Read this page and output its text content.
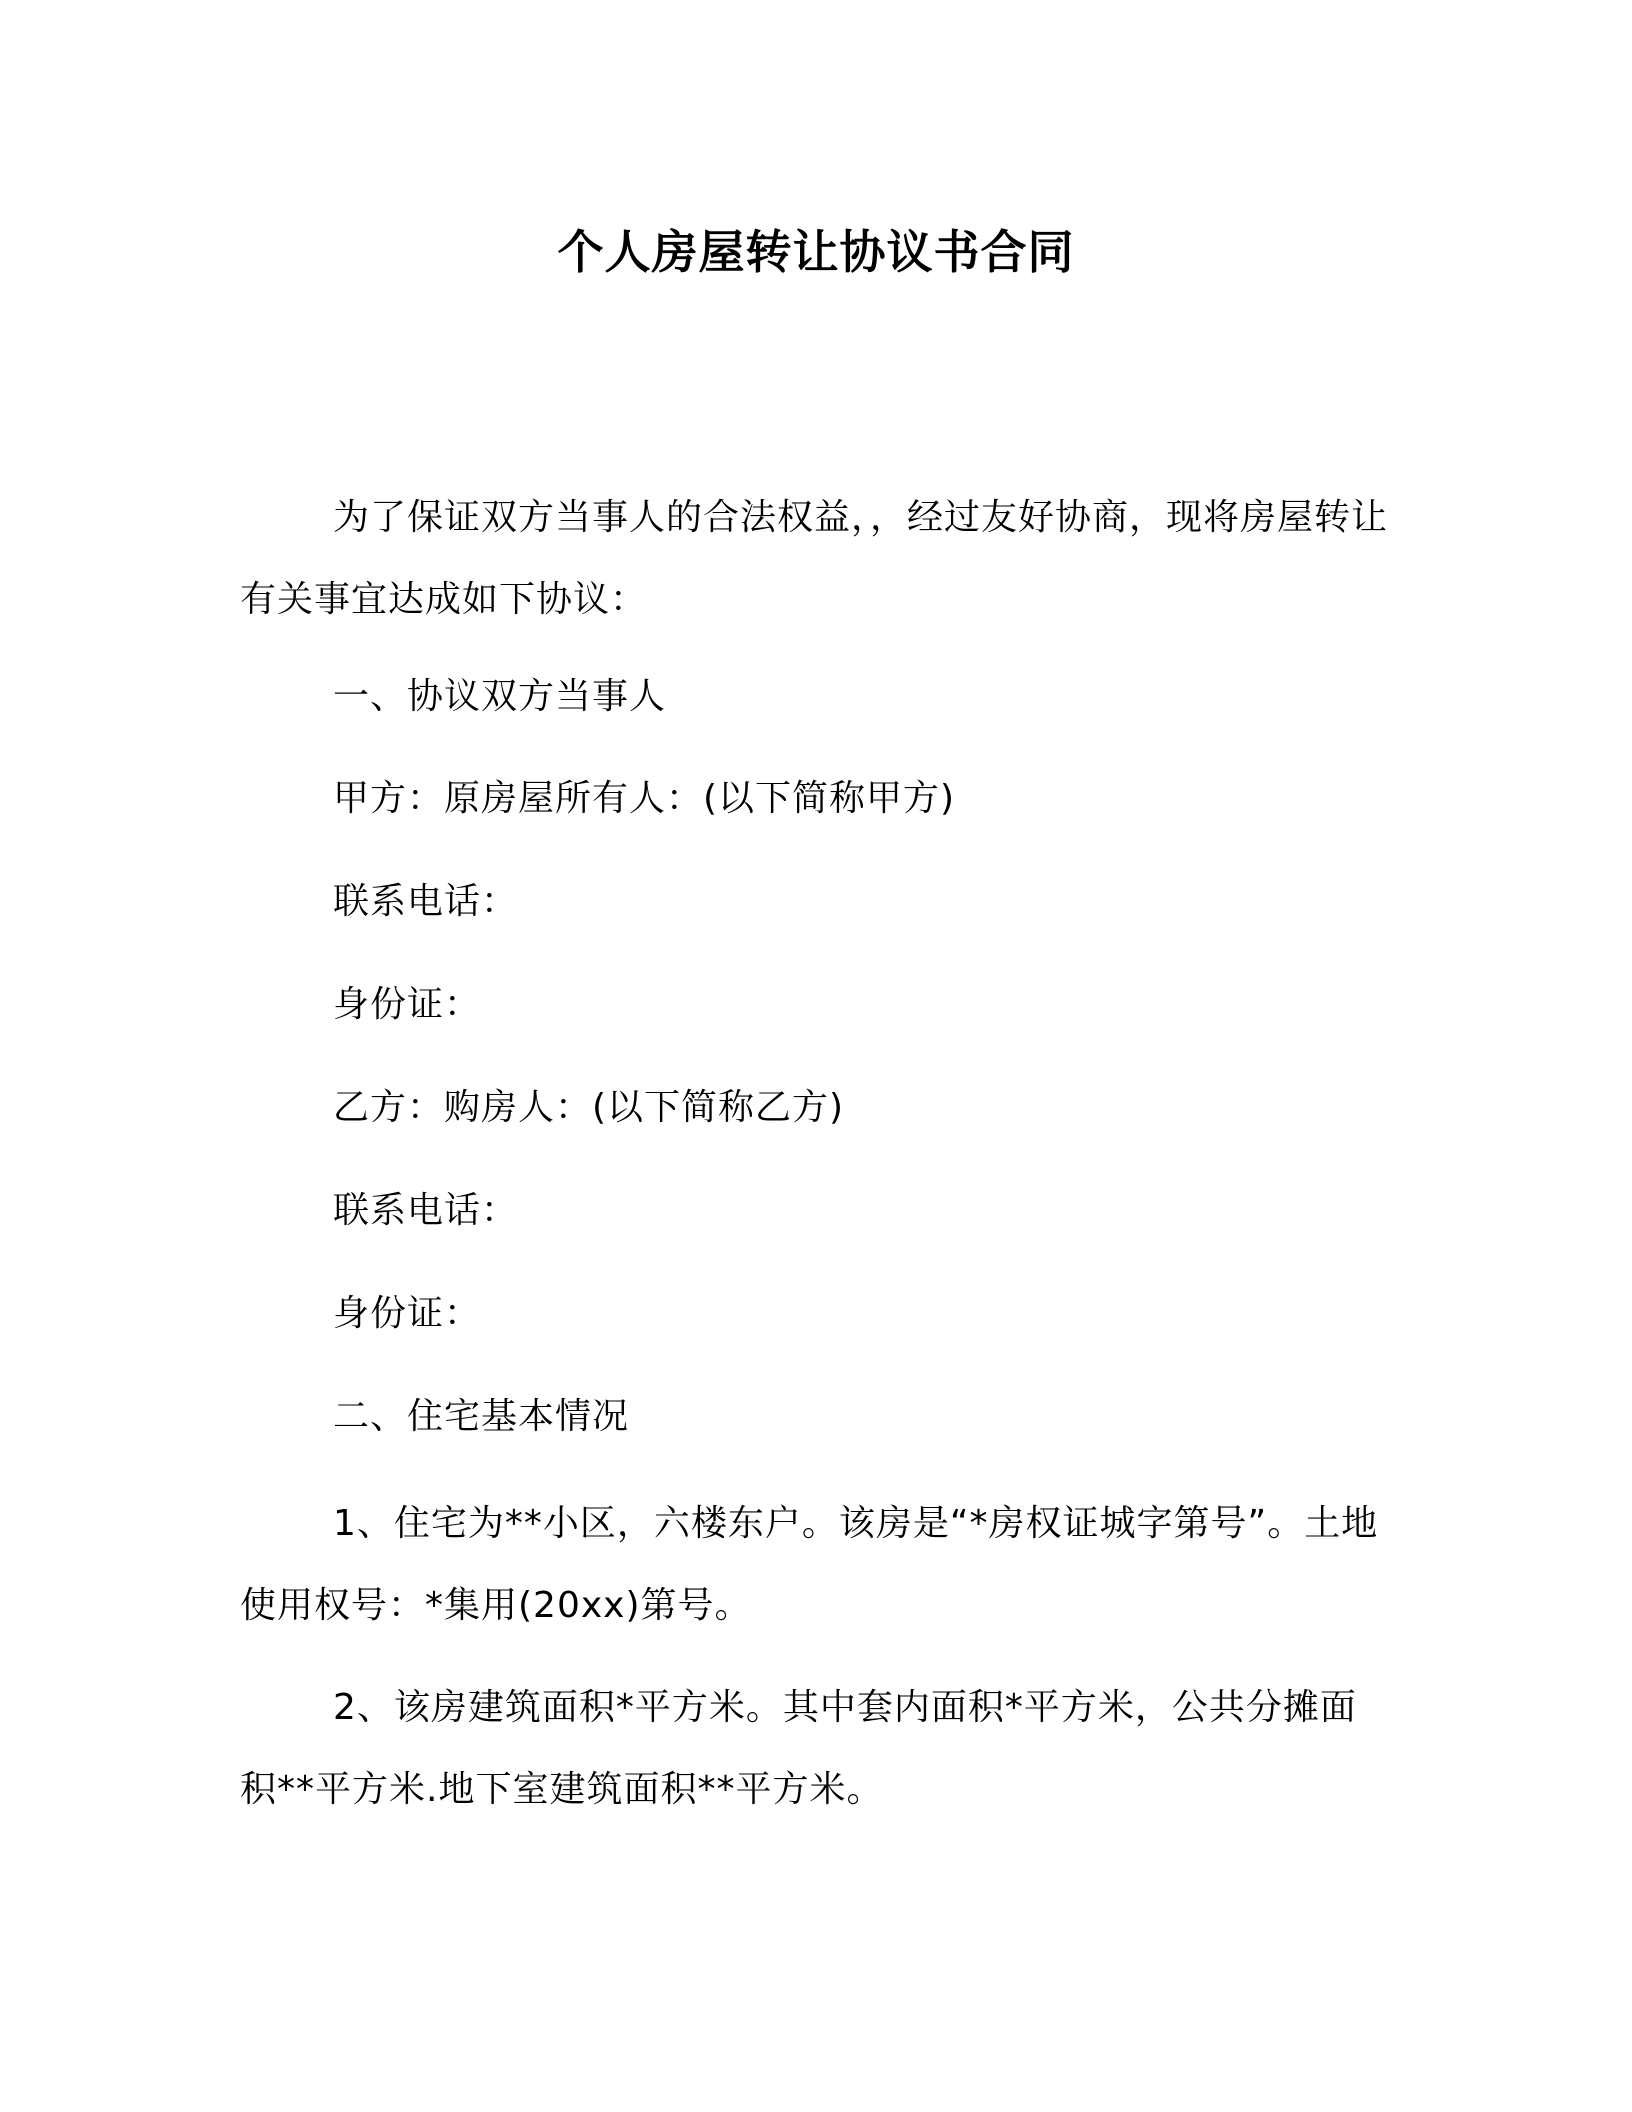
个人房屋转让协议书合同
为了保证双方当事人的合法权益，，经过友好协商，现将房屋转让有关事宜达成如下协议：
一、协议双方当事人
甲方：原房屋所有人：(以下简称甲方)
联系电话：
身份证：
乙方：购房人：(以下简称乙方)
联系电话：
身份证：
二、住宅基本情况
1、住宅为**小区，六楼东户。该房是“*房权证城字第号”。土地使用权号：*集用(20xx)第号。
2、该房建筑面积*平方米。其中套内面积*平方米，公共分摊面积**平方米.地下室建筑面积**平方米。
